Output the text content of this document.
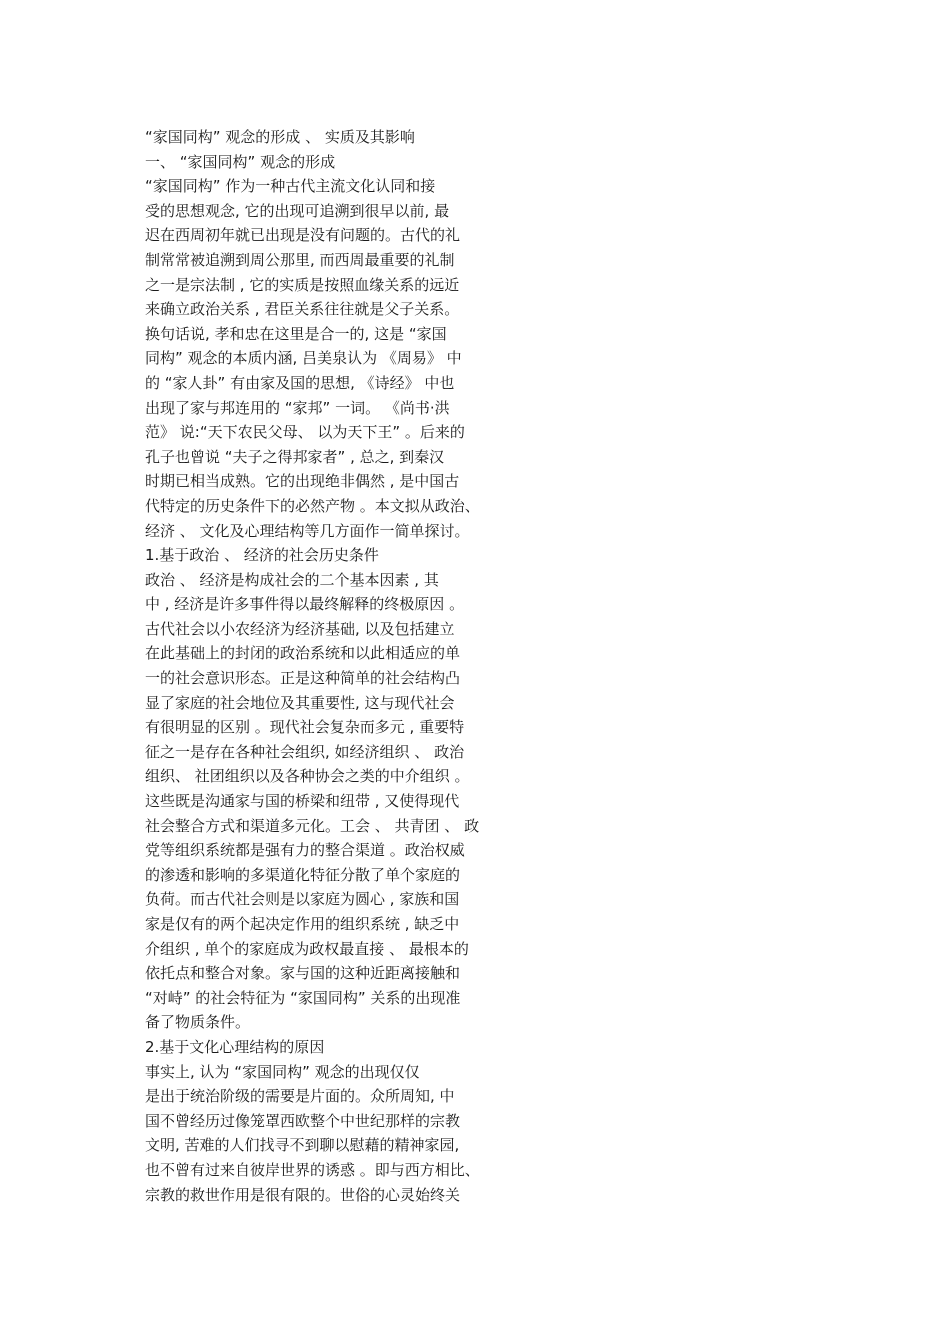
“家国同构” 观念的形成 、 实质及其影响
一、 “家国同构” 观念的形成
“家国同构” 作为一种古代主流文化认同和接
受的思想观念, 它的出现可追溯到很早以前, 最
迟在西周初年就已出现是没有问题的。古代的礼
制常常被追溯到周公那里, 而西周最重要的礼制
之一是宗法制 , 它的实质是按照血缘关系的远近
来确立政治关系 , 君臣关系往往就是父子关系。
换句话说, 孝和忠在这里是合一的, 这是 “家国
同构” 观念的本质内涵, 吕美泉认为 《周易》 中
的 “家人卦” 有由家及国的思想, 《诗经》 中也
出现了家与邦连用的 “家邦” 一词。 《尚书·洪
范》 说:“天下农民父母、 以为天下王” 。后来的
孔子也曾说 “夫子之得邦家者” , 总之, 到秦汉
时期已相当成熟。它的出现绝非偶然 , 是中国古
代特定的历史条件下的必然产物 。本文拟从政治、
经济 、 文化及心理结构等几方面作一简单探讨。
1.基于政治 、 经济的社会历史条件
政治 、 经济是构成社会的二个基本因素 , 其
中 , 经济是许多事件得以最终解释的终极原因 。
古代社会以小农经济为经济基础, 以及包括建立
在此基础上的封闭的政治系统和以此相适应的单
一的社会意识形态。正是这种简单的社会结构凸
显了家庭的社会地位及其重要性, 这与现代社会
有很明显的区别 。现代社会复杂而多元 , 重要特
征之一是存在各种社会组织, 如经济组织 、 政治
组织、 社团组织以及各种协会之类的中介组织 。
这些既是沟通家与国的桥梁和纽带 , 又使得现代
社会整合方式和渠道多元化。工会 、 共青团 、 政
党等组织系统都是强有力的整合渠道 。政治权威
的渗透和影响的多渠道化特征分散了单个家庭的
负荷。而古代社会则是以家庭为圆心 , 家族和国
家是仅有的两个起决定作用的组织系统 , 缺乏中
介组织 , 单个的家庭成为政权最直接 、 最根本的
依托点和整合对象。家与国的这种近距离接触和
“对峙” 的社会特征为 “家国同构” 关系的出现准
备了物质条件。
2.基于文化心理结构的原因
事实上, 认为 “家国同构” 观念的出现仅仅
是出于统治阶级的需要是片面的。众所周知, 中
国不曾经历过像笼罩西欧整个中世纪那样的宗教
文明, 苦难的人们找寻不到聊以慰藉的精神家园,
也不曾有过来自彼岸世界的诱惑 。即与西方相比、
宗教的救世作用是很有限的。世俗的心灵始终关
